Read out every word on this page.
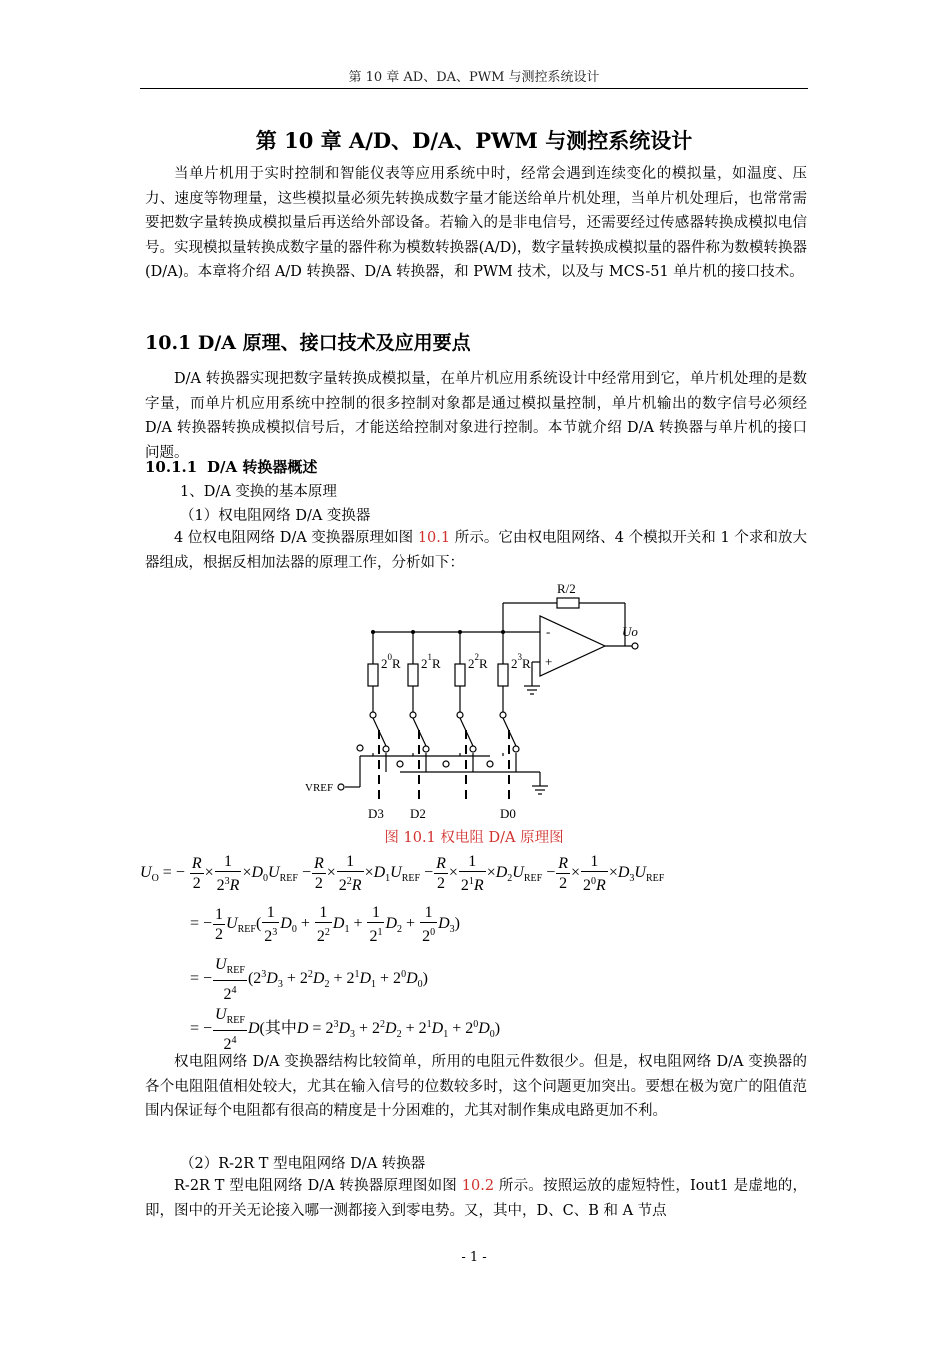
第 10 章 AD、DA、PWM 与测控系统设计
第 10 章 A/D、D/A、PWM 与测控系统设计

当单片机用于实时控制和智能仪表等应用系统中时，经常会遇到连续变化的模拟量，如温度、压力、速度等物理量，这些模拟量必须先转换成数字量才能送给单片机处理，当单片机处理后，也常常需要把数字量转换成模拟量后再送给外部设备。若输入的是非电信号，还需要经过传感器转换成模拟电信号。实现模拟量转换成数字量的器件称为模数转换器(A/D)，数字量转换成模拟量的器件称为数模转换器(D/A)。本章将介绍 A/D 转换器、D/A 转换器，和 PWM 技术，以及与 MCS-51 单片机的接口技术。

10.1 D/A 原理、接口技术及应用要点

D/A 转换器实现把数字量转换成模拟量，在单片机应用系统设计中经常用到它，单片机处理的是数字量，而单片机应用系统中控制的很多控制对象都是通过模拟量控制，单片机输出的数字信号必须经 D/A 转换器转换成模拟信号后，才能送给控制对象进行控制。本节就介绍 D/A 转换器与单片机的接口问题。

10.1.1 D/A 转换器概述
1、D/A 变换的基本原理
（1）权电阻网络 D/A 变换器

4 位权电阻网络 D/A 变换器原理如图 10.1 所示。它由权电阻网络、4 个模拟开关和 1 个求和放大器组成，根据反相加法器的原理工作，分析如下：

R/2
Uo
-
+
$2^0R$ $2^1R$ $2^2R$ $2^3R$
VREF
D3 D2	D0
图 10.1 权电阻 D/A 原理图
$U_O$ = − $\frac{R}{2} \times \frac{1}{2^3R} \times D_0U_{REF} - \frac{R}{2} \times \frac{1}{2^2R} \times D_1U_{REF} - \frac{R}{2} \times \frac{1}{2^1R} \times D_2U_{REF} - \frac{R}{2} \times \frac{1}{2^0R} \times D_3U_{REF}$
= − $\frac{1}{2} U_{REF}( \frac{1}{2^3} D_0 + \frac{1}{2^2} D_1 + \frac{1}{2^1} D_2 + \frac{1}{2^0} D_3)$
= − $\frac{U_{REF}}{2^4} (2^3D_3 + 2^2D_2 + 2^1D_1 + 2^0D_0)$
= − $\frac{U_{REF}}{2^4} D$(其中$D = 2^3D_3 + 2^2D_2 + 2^1D_1 + 2^0D_0$)

权电阻网络 D/A 变换器结构比较简单，所用的电阻元件数很少。但是，权电阻网络 D/A 变换器的各个电阻阻值相处较大，尤其在输入信号的位数较多时，这个问题更加突出。要想在极为宽广的阻值范围内保证每个电阻都有很高的精度是十分困难的，尤其对制作集成电路更加不利。

（2）R-2R T 型电阻网络 D/A 转换器

R-2R T 型电阻网络 D/A 转换器原理图如图 10.2 所示。按照运放的虚短特性，Iout1 是虚地的，即，图中的开关无论接入哪一测都接入到零电势。又，其中，D、C、B 和 A 节点

- 1 -
